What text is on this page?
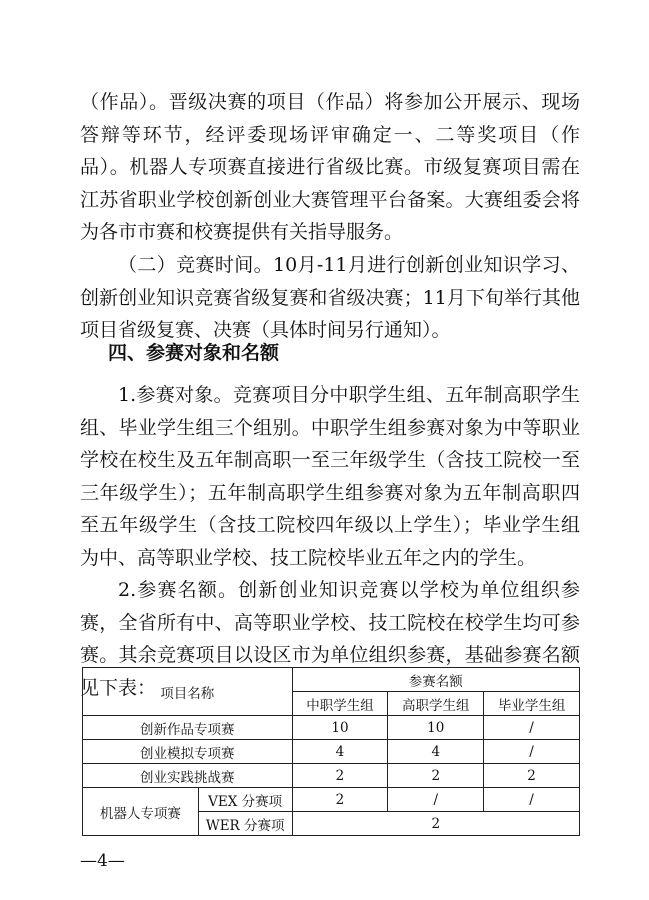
（作品）。晋级决赛的项目（作品）将参加公开展示、现场答辩等环节，经评委现场评审确定一、二等奖项目（作品）。机器人专项赛直接进行省级比赛。市级复赛项目需在江苏省职业学校创新创业大赛管理平台备案。大赛组委会将为各市市赛和校赛提供有关指导服务。

（二）竞赛时间。10月-11月进行创新创业知识学习、创新创业知识竞赛省级复赛和省级决赛；11月下旬举行其他项目省级复赛、决赛（具体时间另行通知）。

四、参赛对象和名额

1.参赛对象。竞赛项目分中职学生组、五年制高职学生组、毕业学生组三个组别。中职学生组参赛对象为中等职业学校在校生及五年制高职一至三年级学生（含技工院校一至三年级学生）；五年制高职学生组参赛对象为五年制高职四至五年级学生（含技工院校四年级以上学生）；毕业学生组为中、高等职业学校、技工院校毕业五年之内的学生。

2.参赛名额。创新创业知识竞赛以学校为单位组织参赛，全省所有中、高等职业学校、技工院校在校学生均可参赛。其余竞赛项目以设区市为单位组织参赛，基础参赛名额见下表： 项目名称		参赛名额		
		中职学生组	高职学生组	毕业学生组
创新作品专项赛		10	10	/
创业模拟专项赛		4	4	/
创业实践挑战赛		2	2	2
机器人专项赛	VEX 分赛项	2	/	/
	WER 分赛项	2		

—4—
